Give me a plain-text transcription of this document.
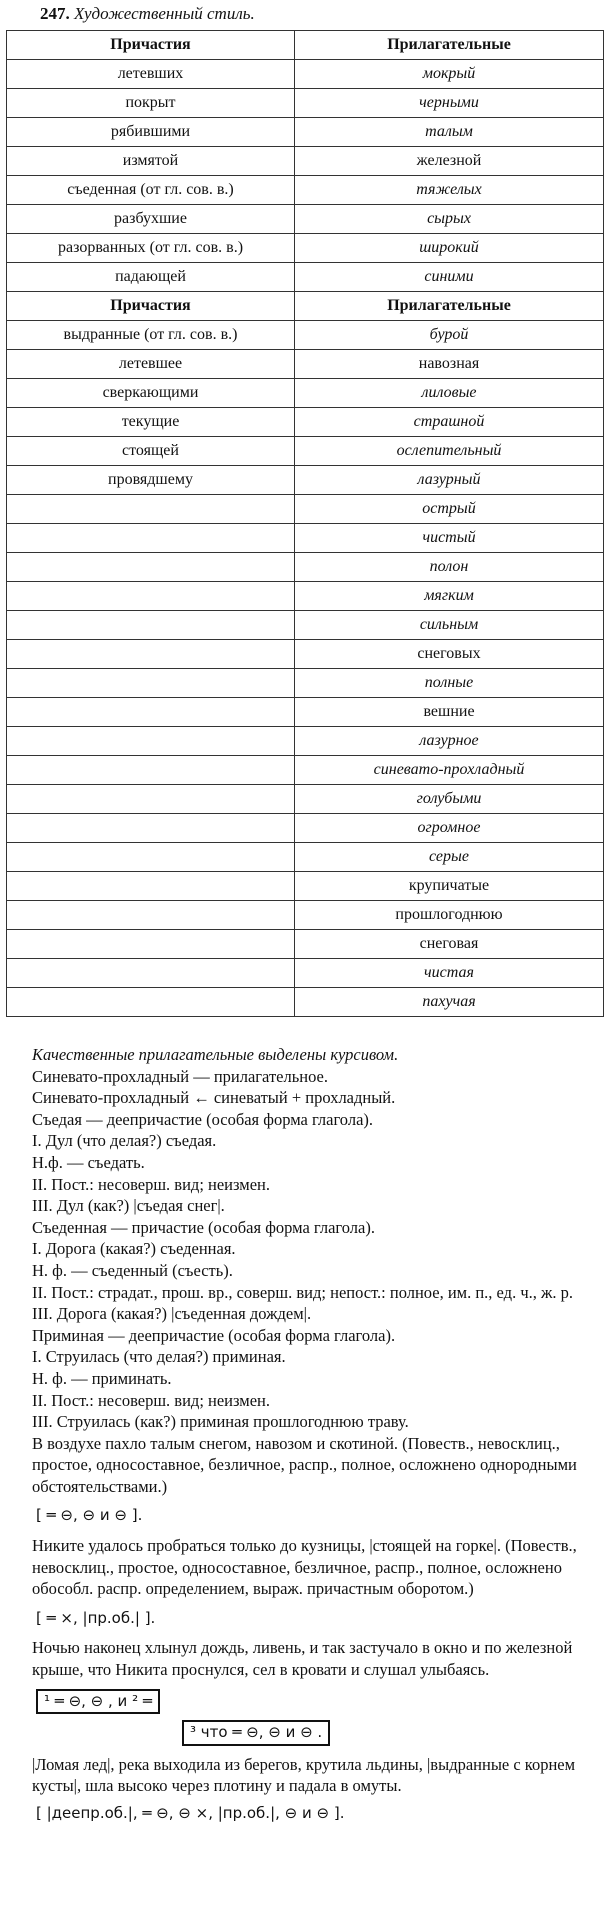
247. Художественный стиль.
Причастия	Прилагательные
летевших	мокрый
покрыт	черными
рябившими	талым
измятой	железной
съеденная (от гл. сов. в.)	тяжелых
разбухшие	сырых
разорванных (от гл. сов. в.)	широкий
падающей	синими
Причастия	Прилагательные
выдранные (от гл. сов. в.)	бурой
летевшее	навозная
сверкающими	лиловые
текущие	страшной
стоящей	ослепительный
провядшему	лазурный
	острый
	чистый
	полон
	мягким
	сильным
	снеговых
	полные
	вешние
	лазурное
	синевато-прохладный
	голубыми
	огромное
	серые
	крупичатые
	прошлогоднюю
	снеговая
	чистая
	пахучая

Качественные прилагательные выделены курсивом.

Синевато-прохладный — прилагательное.

Синевато-прохладный ← синеватый + прохладный.

Съедая — деепричастие (особая форма глагола).

I. Дул (что делая?) съедая.

Н.ф. — съедать.

II. Пост.: несоверш. вид; неизмен.

III. Дул (как?) |съедая снег|.

Съеденная — причастие (особая форма глагола).

I. Дорога (какая?) съеденная.

Н. ф. — съеденный (съесть).

II. Пост.: страдат., прош. вр., соверш. вид; непост.: полное, им. п., ед. ч., ж. р.

III. Дорога (какая?) |съеденная дождем|.

Приминая — деепричастие (особая форма глагола).

I. Струилась (что делая?) приминая.

Н. ф. — приминать.

II. Пост.: несоверш. вид; неизмен.

III. Струилась (как?) приминая прошлогоднюю траву.

В воздухе пахло талым снегом, навозом и скотиной. (Повеств., невосклиц., простое, односоставное, безличное, распр., полное, осложнено однородными обстоятельствами.)

[ ═ ⊖, ⊖ и ⊖ ].

Никите удалось пробраться только до кузницы, |стоящей на горке|. (Повеств., невосклиц., простое, односоставное, безличное, распр., полное, осложнено обособл. распр. определением, выраж. причастным оборотом.)

[ ═ ×, |пр.об.| ].

Ночью наконец хлынул дождь, ливень, и так застучало в окно и по железной крыше, что Никита проснулся, сел в кровати и слушал улыбаясь.

¹ ═ ⊖, ⊖ , и ² ═

³ что ═ ⊖, ⊖ и ⊖ .

|Ломая лед|, река выходила из берегов, крутила льдины, |выдранные с корнем кусты|, шла высоко через плотину и падала в омуты.

[ |деепр.об.|, ═ ⊖, ⊖ ×, |пр.об.|, ⊖ и ⊖ ].
